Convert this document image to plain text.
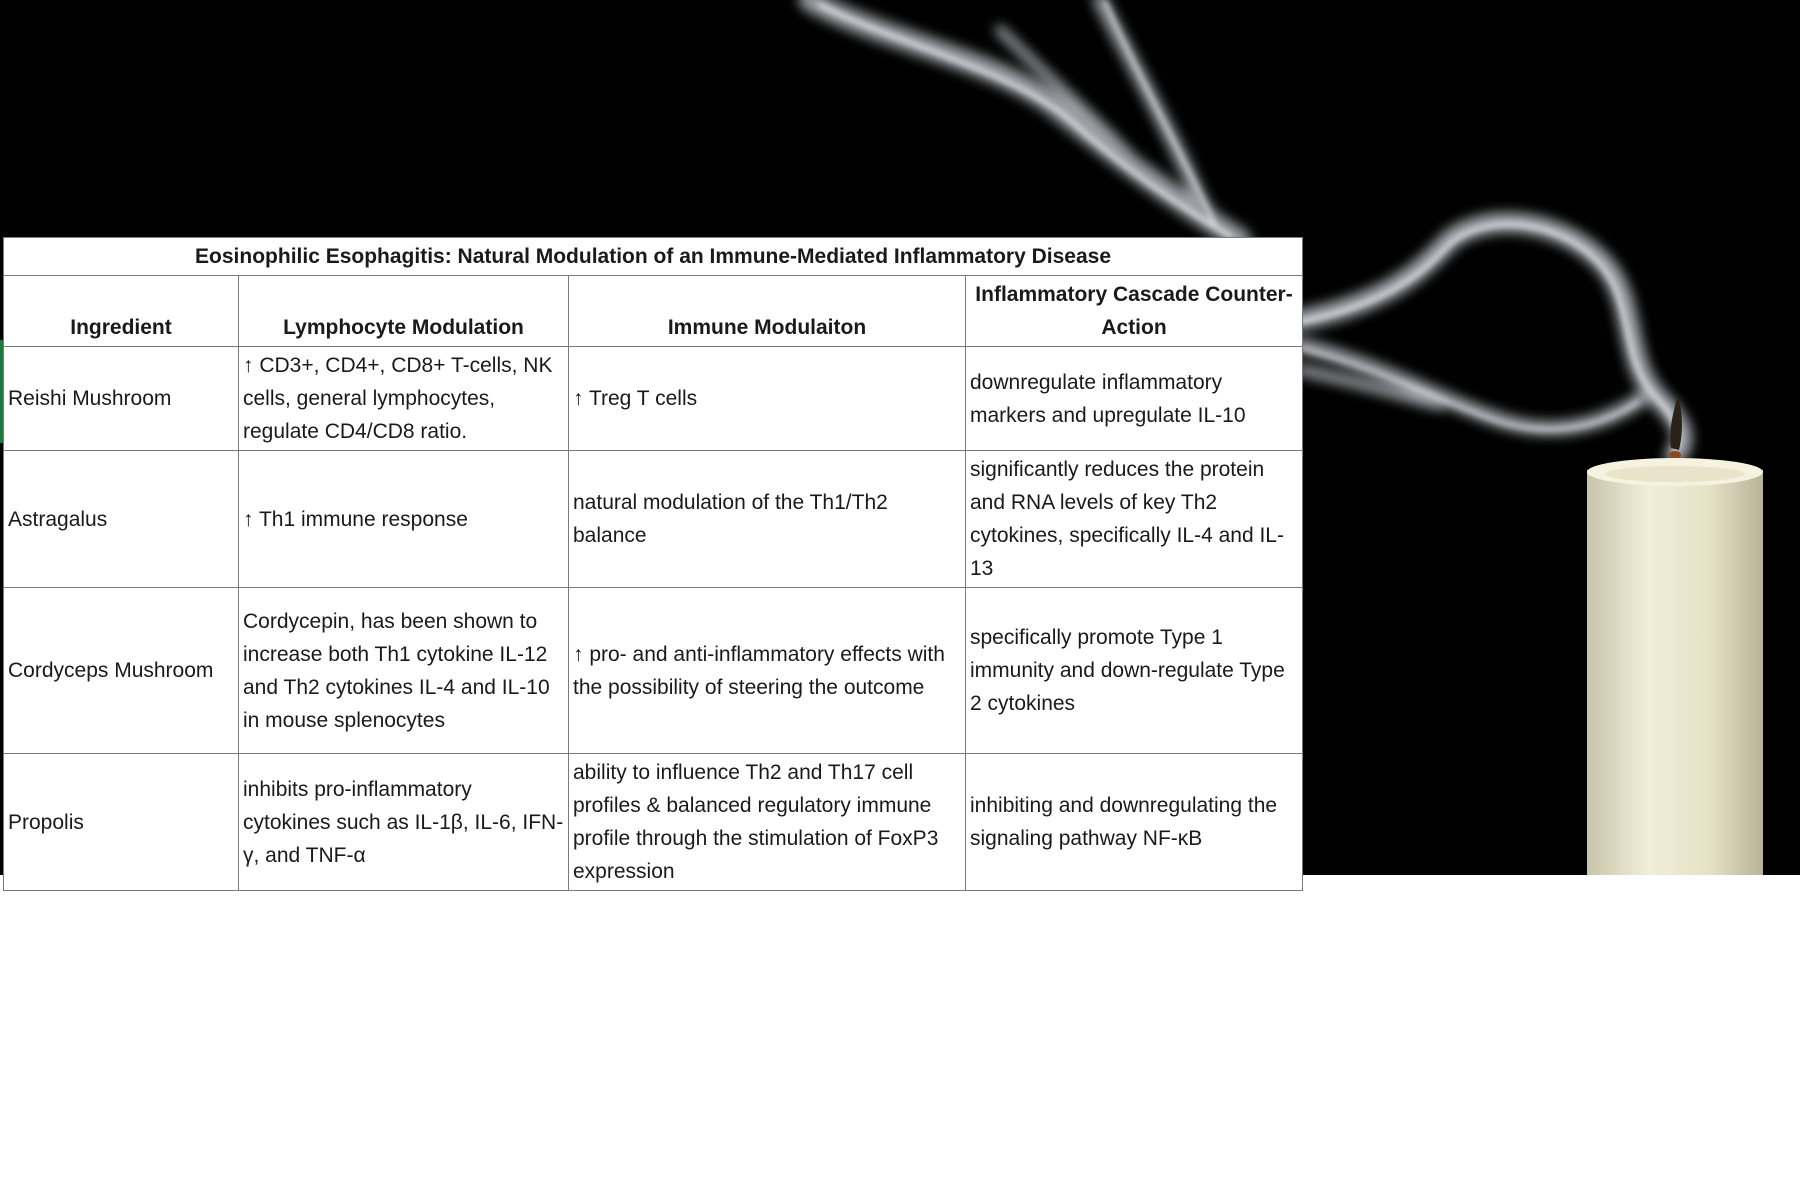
Eosinophilic Esophagitis: Natural Modulation of an Immune-Mediated Inflammatory Disease			
Ingredient	Lymphocyte Modulation	Immune Modulaiton	Inflammatory Cascade Counter-Action
Reishi Mushroom	↑ CD3+, CD4+, CD8+ T-cells, NK cells, general lymphocytes, regulate CD4/CD8 ratio.	↑ Treg T cells	downregulate inflammatory markers and upregulate IL-10
Astragalus	↑ Th1 immune response	natural modulation of the Th1/Th2 balance	significantly reduces the protein and RNA levels of key Th2 cytokines, specifically IL-4 and IL-13
Cordyceps Mushroom	Cordycepin, has been shown to increase both Th1 cytokine IL-12 and Th2 cytokines IL-4 and IL-10 in mouse splenocytes	↑ pro- and anti-inflammatory effects with the possibility of steering the outcome	specifically promote Type 1 immunity and down-regulate Type 2 cytokines
Propolis	inhibits pro-inflammatory cytokines such as IL-1β, IL-6, IFN-γ, and TNF-α	ability to influence Th2 and Th17 cell profiles & balanced regulatory immune profile through the stimulation of FoxP3 expression	inhibiting and downregulating the signaling pathway NF-κB
